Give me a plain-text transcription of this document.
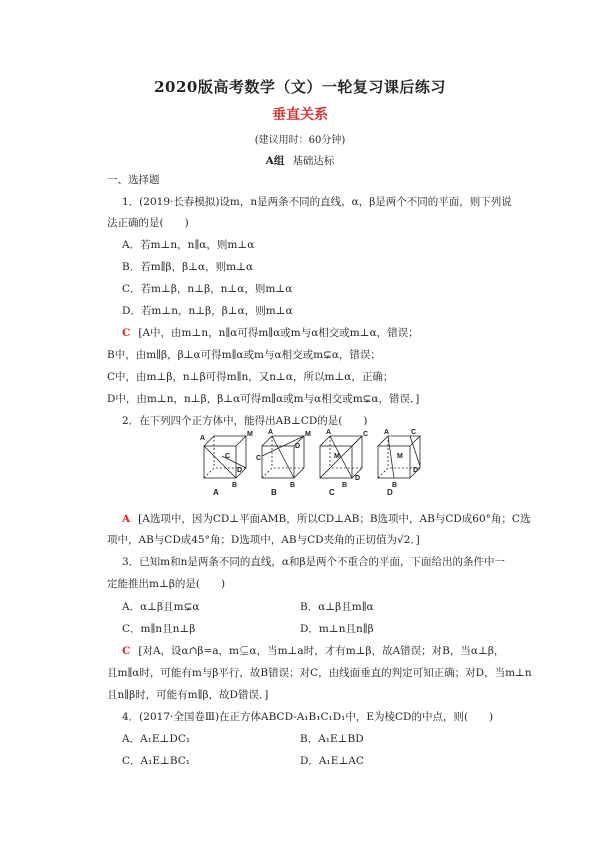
2020版高考数学（文）一轮复习课后练习
垂直关系
(建议用时：60分钟)
A组 基础达标
一、选择题
1．(2019·长春模拟)设m，n是两条不同的直线，α，β是两个不同的平面，则下列说
法正确的是(　　)
A．若m⊥n，n∥α，则m⊥α
B．若m∥β，β⊥α，则m⊥α
C．若m⊥β，n⊥β，n⊥α，则m⊥α
D．若m⊥n，n⊥β，β⊥α，则m⊥α
C [A中，由m⊥n，n∥α可得m∥α或m与α相交或m⊥α，错误；
B中，由m∥β，β⊥α可得m∥α或m与α相交或m⊊α，错误；
C中，由m⊥β，n⊥β可得m∥n，又n⊥α，所以m⊥α，正确；
D中，由m⊥n，n⊥β，β⊥α可得m∥α或m与α相交或m⊊α，错误．]
2．在下列四个正方体中，能得出AB⊥CD的是(　　)
A
C
M
D
B
A
C
M
D
B
A
M
C
D
B
A
M
C
D
B
A	B	C	D
A [A选项中，因为CD⊥平面AMB，所以CD⊥AB；B选项中，AB与CD成60°角；C选
项中，AB与CD成45°角；D选项中，AB与CD夹角的正切值为√2．]
3．已知m和n是两条不同的直线，α和β是两个不重合的平面，下面给出的条件中一
定能推出m⊥β的是(　　)
A．α⊥β且m⊊α	B．α⊥β且m∥α
C．m∥n且n⊥β	D．m⊥n且n∥β
C [对A，设α∩β=a，m⊊α，当m⊥a时，才有m⊥β，故A错误；对B，当α⊥β，
且m∥α时，可能有m与β平行，故B错误；对C，由线面垂直的判定可知正确；对D，当m⊥n
且n∥β时，可能有m∥β，故D错误．]
4．(2017·全国卷Ⅲ)在正方体ABCD-A₁B₁C₁D₁中，E为棱CD的中点，则(　　)
A．A₁E⊥DC₁	B．A₁E⊥BD
C．A₁E⊥BC₁	D．A₁E⊥AC
